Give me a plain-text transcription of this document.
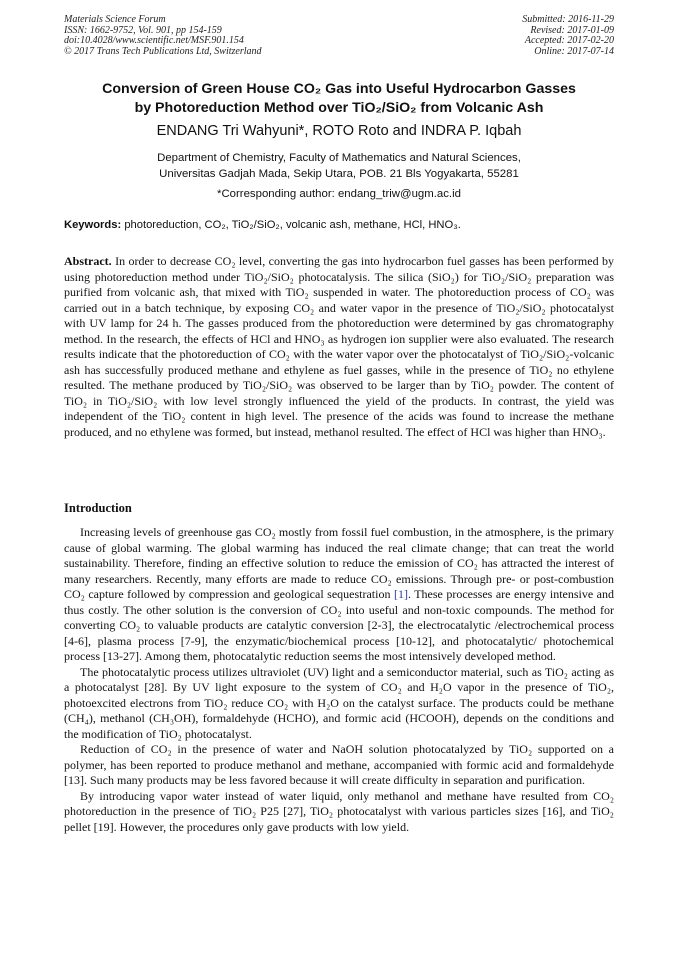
Materials Science Forum
ISSN: 1662-9752, Vol. 901, pp 154-159
doi:10.4028/www.scientific.net/MSF.901.154
© 2017 Trans Tech Publications Ltd, Switzerland
Submitted: 2016-11-29
Revised: 2017-01-09
Accepted: 2017-02-20
Online: 2017-07-14
Conversion of Green House CO₂ Gas into Useful Hydrocarbon Gasses
by Photoreduction Method over TiO₂/SiO₂ from Volcanic Ash
ENDANG Tri Wahyuni*, ROTO Roto and INDRA P. Iqbah
Department of Chemistry, Faculty of Mathematics and Natural Sciences,
Universitas Gadjah Mada, Sekip Utara, POB. 21 Bls Yogyakarta, 55281
*Corresponding author: endang_triw@ugm.ac.id
Keywords: photoreduction, CO₂, TiO₂/SiO₂, volcanic ash, methane, HCl, HNO₃.
Abstract. In order to decrease CO₂ level, converting the gas into hydrocarbon fuel gasses has been performed by using photoreduction method under TiO₂/SiO₂ photocatalysis. The silica (SiO₂) for TiO₂/SiO₂ preparation was purified from volcanic ash, that mixed with TiO₂ suspended in water. The photoreduction process of CO₂ was carried out in a batch technique, by exposing CO₂ and water vapor in the presence of TiO₂/SiO₂ photocatalyst with UV lamp for 24 h. The gasses produced from the photoreduction were determined by gas chromatography method. In the research, the effects of HCl and HNO₃ as hydrogen ion supplier were also evaluated. The research results indicate that the photoreduction of CO₂ with the water vapor over the photocatalyst of TiO₂/SiO₂-volcanic ash has successfully produced methane and ethylene as fuel gasses, while in the presence of TiO₂ no ethylene resulted. The methane produced by TiO₂/SiO₂ was observed to be larger than by TiO₂ powder. The content of TiO₂ in TiO₂/SiO₂ with low level strongly influenced the yield of the products. In contrast, the yield was independent of the TiO₂ content in high level. The presence of the acids was found to increase the methane produced, and no ethylene was formed, but instead, methanol resulted. The effect of HCl was higher than HNO₃.
Introduction

Increasing levels of greenhouse gas CO₂ mostly from fossil fuel combustion, in the atmosphere, is the primary cause of global warming. The global warming has induced the real climate change; that can treat the world sustainability. Therefore, finding an effective solution to reduce the emission of CO₂ has attracted the interest of many researchers. Recently, many efforts are made to reduce CO₂ emissions. Through pre- or post-combustion CO₂ capture followed by compression and geological sequestration [1]. These processes are energy intensive and thus costly. The other solution is the conversion of CO₂ into useful and non-toxic compounds. The method for converting CO₂ to valuable products are catalytic conversion [2-3], the electrocatalytic /electrochemical process [4-6], plasma process [7-9], the enzymatic/biochemical process [10-12], and photocatalytic/ photochemical process [13-27]. Among them, photocatalytic reduction seems the most intensively developed method.

The photocatalytic process utilizes ultraviolet (UV) light and a semiconductor material, such as TiO₂ acting as a photocatalyst [28]. By UV light exposure to the system of CO₂ and H₂O vapor in the presence of TiO₂, photoexcited electrons from TiO₂ reduce CO₂ with H₂O on the catalyst surface. The products could be methane (CH₄), methanol (CH₃OH), formaldehyde (HCHO), and formic acid (HCOOH), depends on the conditions and the modification of TiO₂ photocatalyst.

Reduction of CO₂ in the presence of water and NaOH solution photocatalyzed by TiO₂ supported on a polymer, has been reported to produce methanol and methane, accompanied with formic acid and formaldehyde [13]. Such many products may be less favored because it will create difficulty in separation and purification.

By introducing vapor water instead of water liquid, only methanol and methane have resulted from CO₂ photoreduction in the presence of TiO₂ P25 [27], TiO₂ photocatalyst with various particles sizes [16], and TiO₂ pellet [19]. However, the procedures only gave products with low yield.
